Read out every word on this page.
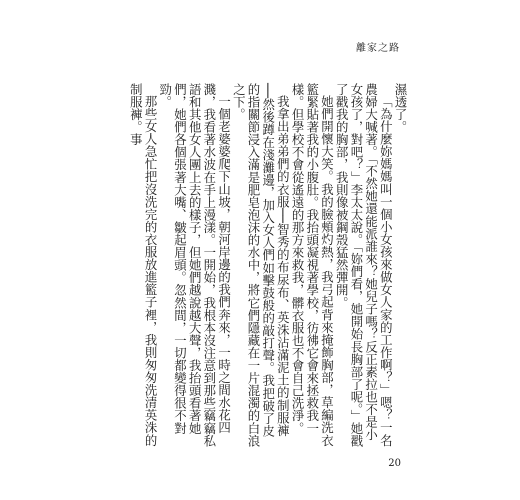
離家之路

濕透了。

「為什麼妳媽媽叫一個小女孩來做女人家的工作啊？」嗯？一名農婦大喊著。「不然她還能派誰來？她兒子嗎？反正素拉也不是小女孩了，對吧？」李太太說。「妳們看，她開始長胸部了呢。」她戳了戳我的胸部，我則像被鋼殼猛然彈開。

她們開懷大笑。我的臉頰灼熱，我弓起背來掩飾胸部，草編洗衣籃緊貼著我的小腹肚。我抬頭凝視著學校，彷彿它會來拯救我一樣。但學校不會從遙遠的那方來救我，髒衣服也不會自己洗淨。

我拿出弟弟們的衣服──智秀的布尿布、英洙沾滿泥土的制服褲──然後蹲在淺灘邊，加入女人們如擊鼓般的敲打聲。我把破了皮的指關節浸入滿是肥皂泡沫的水中，將它們隱藏在一片混濁的白浪之下。

一個老婆婆爬下山坡，朝河岸邊的我們奔來，一時之間水花四濺，我看著水波在手上漫漾。一開始，我根本沒注意到那些竊竊私語和其他女人團上去的樣子，但她們越說越大聲，我抬頭看著她們，她們各個張著大嘴、皺起眉頭。忽然間，一切都變得很不對勁。

那些女人急忙把沒洗完的衣服放進籃子裡，我則匆匆洗清英洙的制服褲。事

20
